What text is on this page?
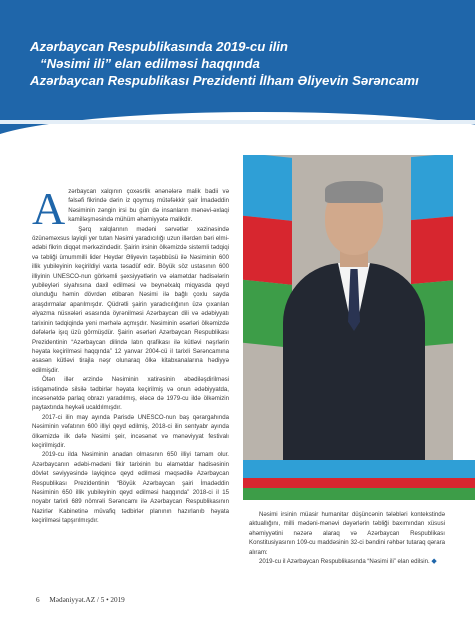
Azərbaycan Respublikasında 2019-cu ilin
“Nəsimi ili” elan edilməsi haqqında
Azərbaycan Respublikası Prezidenti İlham Əliyevin Sərəncamı
A zərbaycan xalqının çoxəsrlik ənənələrə malik badii və fəlsəfi fikrində dərin iz qoymuş mütəfəkkir şair İmadəddin Nəsiminin zəngin irsi bu gün də insanların mənəvi-əxlaqi kamilləşməsində mühüm əhəmiyyətə malikdir.

Şərq xalqlarının mədəni sərvətlər xəzinəsində özünəməxsus layiqli yer tutan Nəsimi yaradıcılığı uzun illərdən bəri elmi-ədəbi fikrin diqqət mərkəzindədir. Şairin irsinin ölkəmizdə sistemli tədqiqi və təbliği ümummilli lider Heydər Əliyevin təşəbbüsü ilə Nəsiminin 600 illik yubileyinin keçirildiyi vaxta təsadüf edir. Böyük söz ustasının 600 illiyinin UNESCO-nun görkəmli şəxsiyyətlərin və əlamətdar hadisələrin yubileyləri siyahısına daxil edilməsi və beynəlxalq miqyasda qeyd olunduğu həmin dövrdən etibarən Nəsimi ilə bağlı çoxlu sayda araşdırmalar aparılmışdır. Qüdrətli şairin yaradıcılığının üzə çıxarılan əlyazma nüsxələri əsasında öyrənilməsi Azərbaycan dili və ədəbiyyatı tarixinin tədqiqində yeni mərhələ açmışdır. Nəsiminin əsərləri ölkəmizdə dəfələrlə işıq üzü görmüşdür. Şairin əsərləri Azərbaycan Respublikası Prezidentinin “Azərbaycan dilində latın qrafikası ilə kütləvi nəşrlərin həyata keçirilməsi haqqında” 12 yanvar 2004-cü il tarixli Sərəncamına əsasən kütləvi tirajla nəşr olunaraq ölkə kitabxanalarına hədiyyə edilmişdir.

Ötən illər ərzində Nəsiminin xatirəsinin əbədiləşdirilməsi istiqamətində silsilə tədbirlər həyata keçirilmiş və onun ədəbiyyatda, incəsənətdə parlaq obrazı yaradılmış, eləcə də 1979-cu ildə ölkəmizin paytaxtında heykəli ucaldılmışdır.

2017-ci ilin may ayında Parisdə UNESCO-nun baş qərargahında Nəsiminin vəfatının 600 illiyi qeyd edilmiş, 2018-ci ilin sentyabr ayında ölkəmizdə ilk dəfə Nəsimi şeir, incəsənət və mənəviyyat festivalı keçirilmişdir.

2019-cu ilda Nəsiminin anadan olmasının 650 illiyi tamam olur. Azərbaycanın ədəbi-mədəni fikir tarixinin bu əlamətdar hadisəsinin dövlət səviyyəsində layiqincə qeyd edilməsi məqsədilə Azərbaycan Respublikası Prezidentinin “Böyük Azərbaycan şairi İmadəddin Nəsiminin 650 illik yubileyinin qeyd edilməsi haqqında” 2018-ci il 15 noyabr tarixli 689 nömrəli Sərəncamı ilə Azərbaycan Respublikasının Nazirlər Kabinetinə müvafiq tədbirlər planının hazırlanıb həyata keçirilməsi tapşırılmışdır.

Nəsimi irsinin müasir humanitar düşüncənin tələbləri kontekstində aktuallığını, milli mədəni-mənəvi dəyərlərin təbliği baxımından xüsusi əhəmiyyətini nəzərə alaraq və Azərbaycan Respublikası Konstitusiyasının 109-cu maddəsinin 32-ci bəndini rəhbər tutaraq qərara alıram:

2019-cu il Azərbaycan Respublikasında “Nəsimi ili” elan edilsin. ◆

6 Mədəniyyət.AZ / 5 • 2019
